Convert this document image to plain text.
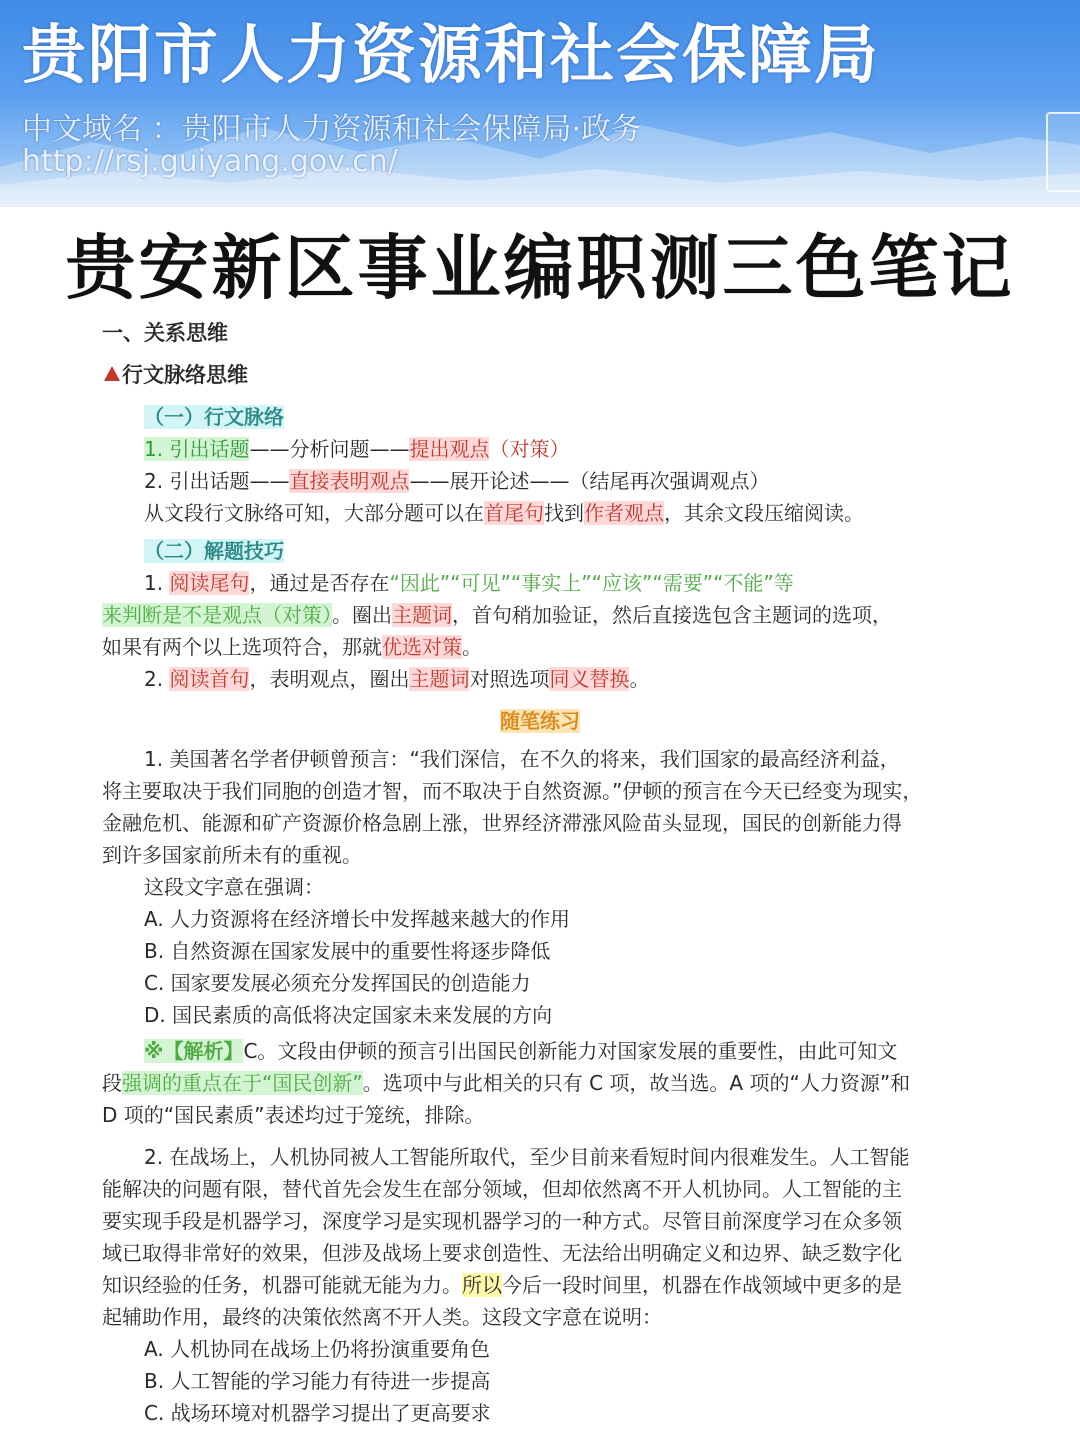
贵阳市人力资源和社会保障局
中文域名 ：贵阳市人力资源和社会保障局·政务
http://rsj.guiyang.gov.cn/
贵安新区事业编职测三色笔记
一、关系思维
行文脉络思维
（一）行文脉络
1. 引出话题——分析问题——提出观点（对策）
2. 引出话题——直接表明观点——展开论述——（结尾再次强调观点）
从文段行文脉络可知，大部分题可以在首尾句找到作者观点，其余文段压缩阅读。
（二）解题技巧
1. 阅读尾句，通过是否存在“因此”“可见”“事实上”“应该”“需要”“不能”等
来判断是不是观点（对策）。圈出主题词，首句稍加验证，然后直接选包含主题词的选项，
如果有两个以上选项符合，那就优选对策。
2. 阅读首句，表明观点，圈出主题词对照选项同义替换。
随笔练习
1. 美国著名学者伊顿曾预言：“我们深信，在不久的将来，我们国家的最高经济利益，
将主要取决于我们同胞的创造才智，而不取决于自然资源。”伊顿的预言在今天已经变为现实，
金融危机、能源和矿产资源价格急剧上涨，世界经济滞涨风险苗头显现，国民的创新能力得
到许多国家前所未有的重视。
这段文字意在强调：
A. 人力资源将在经济增长中发挥越来越大的作用
B. 自然资源在国家发展中的重要性将逐步降低
C. 国家要发展必须充分发挥国民的创造能力
D. 国民素质的高低将决定国家未来发展的方向
※【解析】C。文段由伊顿的预言引出国民创新能力对国家发展的重要性，由此可知文
段强调的重点在于“国民创新”。选项中与此相关的只有 C 项，故当选。A 项的“人力资源”和
D 项的“国民素质”表述均过于笼统，排除。
2. 在战场上，人机协同被人工智能所取代，至少目前来看短时间内很难发生。人工智能
能解决的问题有限，替代首先会发生在部分领域，但却依然离不开人机协同。人工智能的主
要实现手段是机器学习，深度学习是实现机器学习的一种方式。尽管目前深度学习在众多领
域已取得非常好的效果，但涉及战场上要求创造性、无法给出明确定义和边界、缺乏数字化
知识经验的任务，机器可能就无能为力。所以今后一段时间里，机器在作战领域中更多的是
起辅助作用，最终的决策依然离不开人类。这段文字意在说明：
A. 人机协同在战场上仍将扮演重要角色
B. 人工智能的学习能力有待进一步提高
C. 战场环境对机器学习提出了更高要求
